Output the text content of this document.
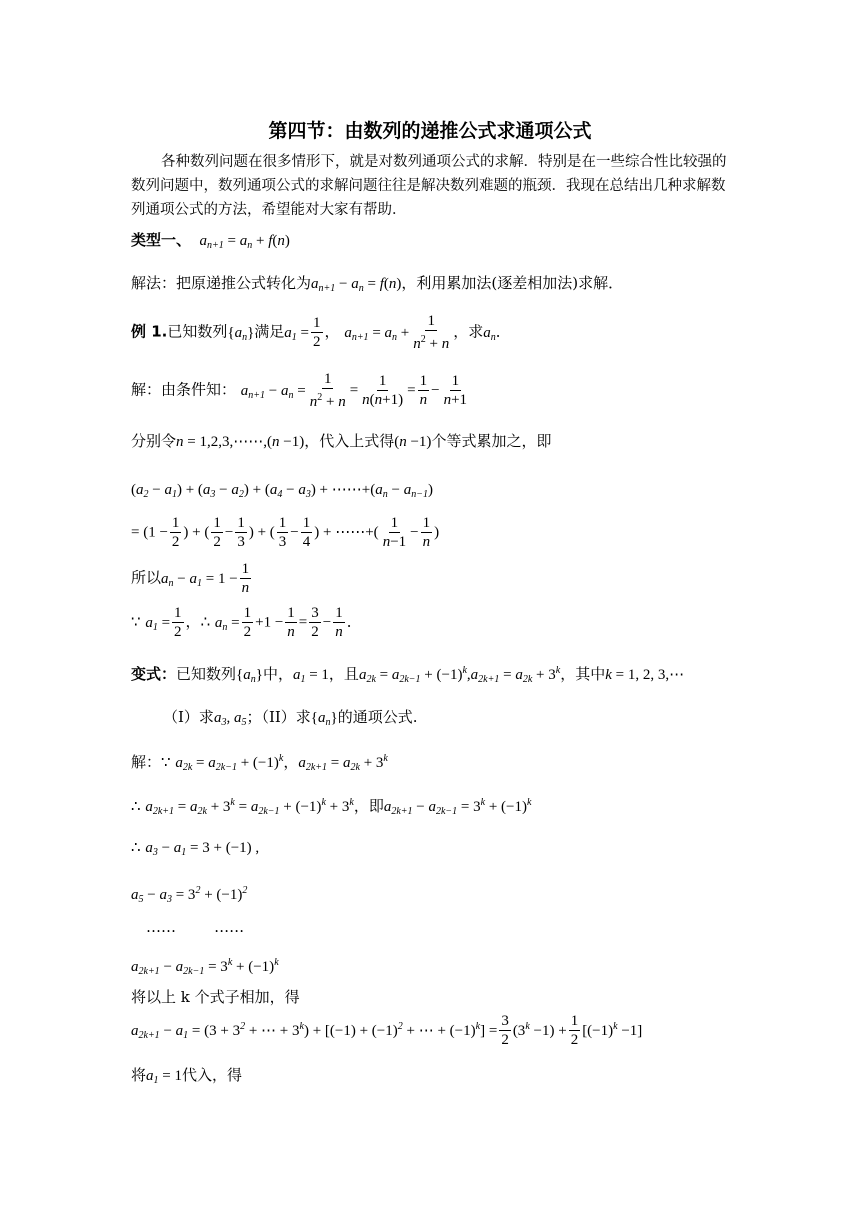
第四节：由数列的递推公式求通项公式
各种数列问题在很多情形下，就是对数列通项公式的求解．特别是在一些综合性比较强的数列问题中，数列通项公式的求解问题往往是解决数列难题的瓶颈．我现在总结出几种求解数列通项公式的方法，希望能对大家有帮助．
类型一、  $a_{n+1} = a_n + f(n)$
解法：把原递推公式转化为$a_{n+1} - a_n = f(n)$，利用累加法(逐差相加法)求解．
例 1.已知数列$\{a_n\}$满足$a_1 = \frac{1}{2}$ ， $a_{n+1} = a_n + \frac{1}{n^2 + n}$ ，求$a_n$．
解：由条件知： $a_{n+1} - a_n = \frac{1}{n^2 + n} = \frac{1}{n(n+1)} = \frac{1}{n} - \frac{1}{n+1}$
分别令n = 1,2,3,⋯⋯,(n −1)，代入上式得(n −1)个等式累加之，即
$(a_2 - a_1) + (a_3 - a_2) + (a_4 - a_3)$ + $\cdots\cdots+(a_n - a_{n-1})$
= ($1 - \frac{1}{2}$ ) + ( $\frac{1}{2} - \frac{1}{3}$ ) + ( $\frac{1}{3} - \frac{1}{4}$ ) + ⋯⋯+( $\frac{1}{n-1} - \frac{1}{n}$ )
所以$a_n - a_1 = 1 - \frac{1}{n}$
∵ $a_1 = \frac{1}{2}$ ，∴ $a_n = \frac{1}{2} +1 - \frac{1}{n} = \frac{3}{2} - \frac{1}{n}$ ．
变式：已知数列$\{a_n\}$中，$a_1 = 1$，且$a_{2k} = a_{2k-1} + (-1)^k,a_{2k+1} = a_{2k} + 3^k$，其中k = 1, 2, 3,⋯
（I）求$a_3$, $a_5$；（II）求$\{a_n\}$的通项公式.
解：∵ $a_{2k} = a_{2k-1} + (-1)^k$，$a_{2k+1} = a_{2k} + 3^k$
∴ $a_{2k+1} = a_{2k} + 3^k = a_{2k-1} + (-1)^k + 3^k$，即$a_{2k+1} - a_{2k-1} = 3^k + (-1)^k$
∴ $a_3 - a_1 = 3 + (-1)$ ,
$a_5 - a_3 = 3^2 + (-1)^2$
……        ……
$a_{2k+1} - a_{2k-1} = 3^k + (-1)^k$
将以上 k 个式子相加，得
$a_{2k+1} - a_1 = (3 + 3^2$ + ⋯ + $3^k) + [(-1) + (-1)^2$ + ⋯ + $(-1)^k] = \frac{3}{2} (3^k -1) + \frac{1}{2} [(-1)^k -1]$
将$a_1 = 1$代入，得
